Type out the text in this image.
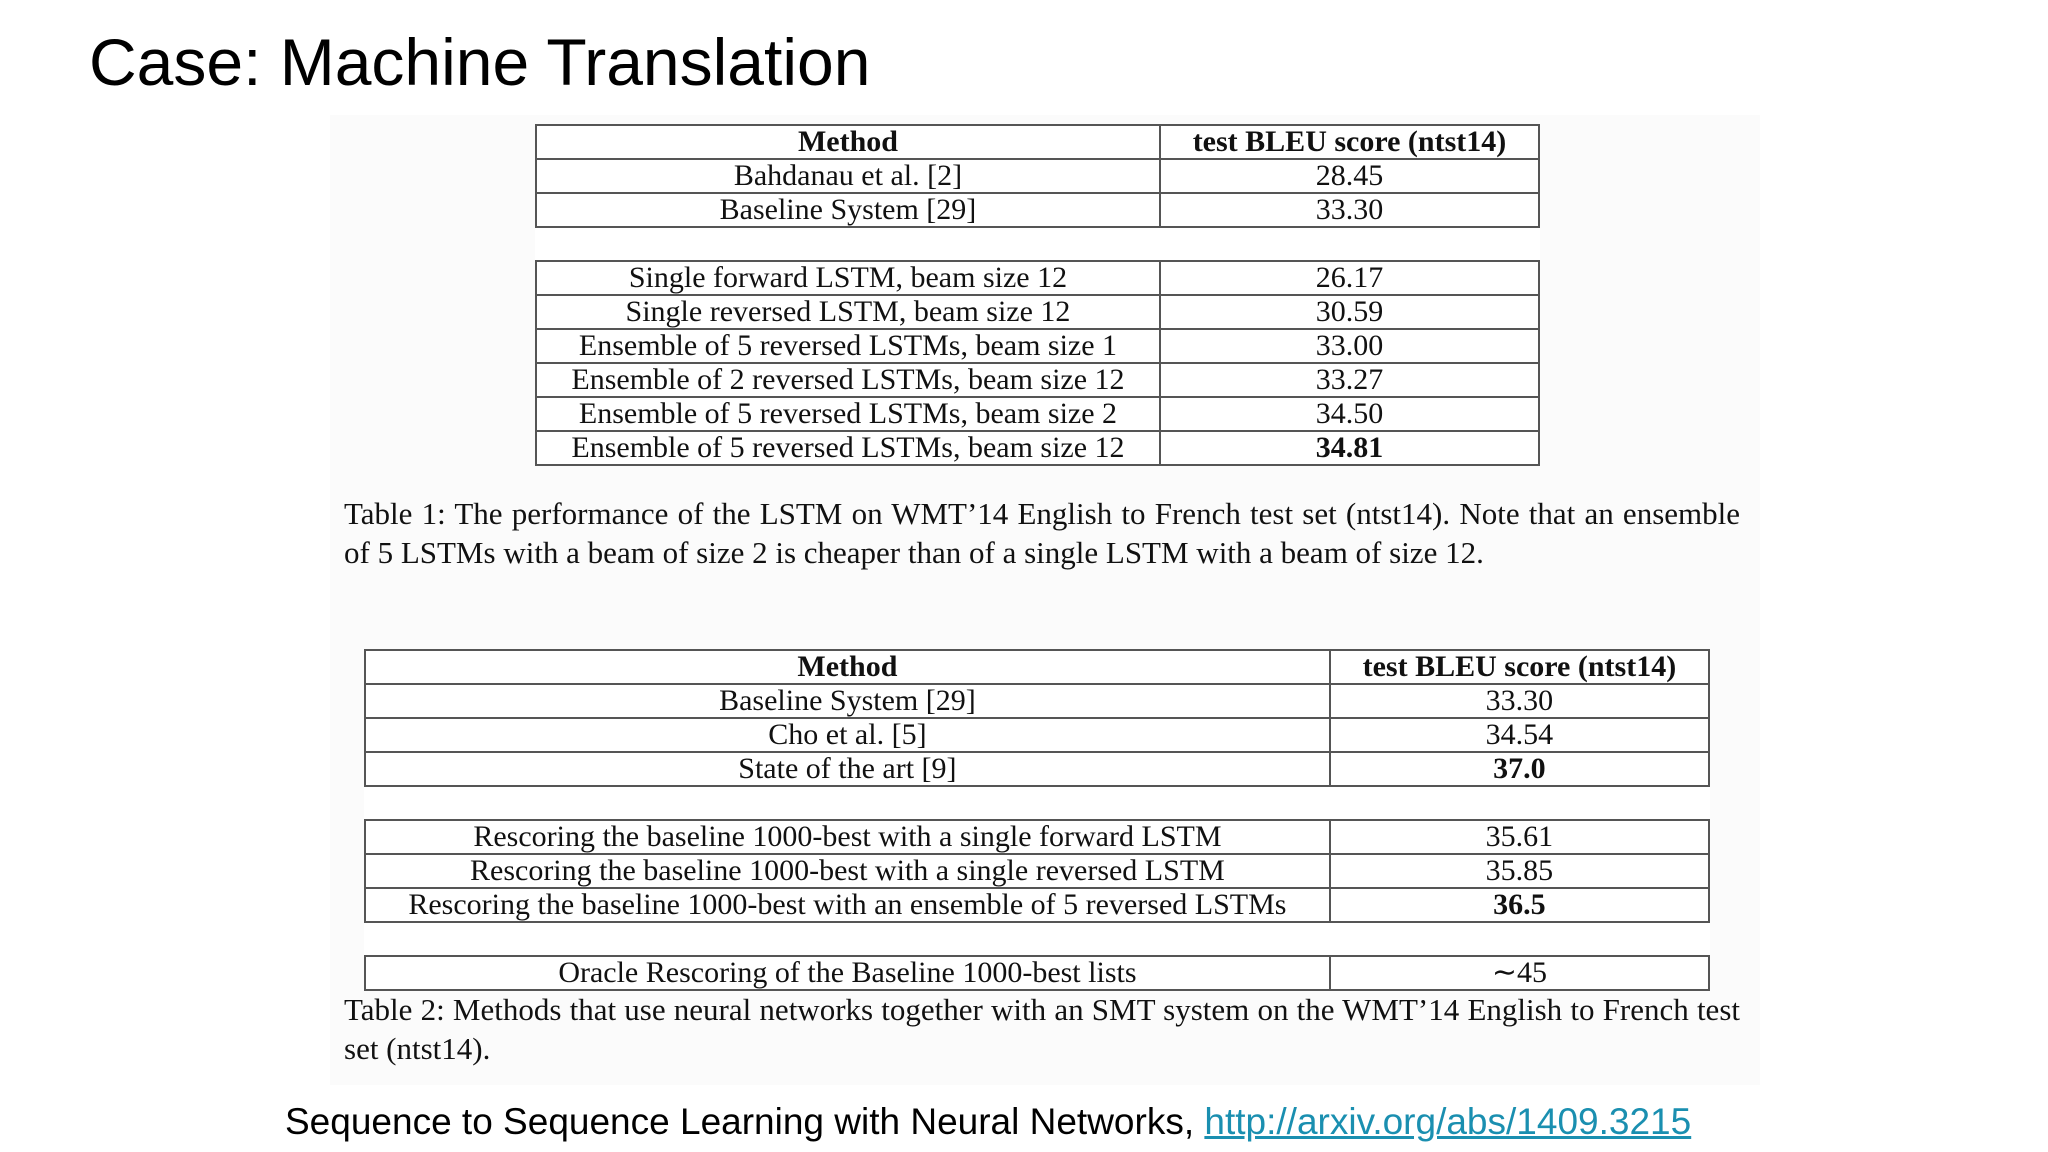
Case: Machine Translation
Method	test BLEU score (ntst14)
Bahdanau et al. [2]	28.45
Baseline System [29]	33.30

Single forward LSTM, beam size 12	26.17
Single reversed LSTM, beam size 12	30.59
Ensemble of 5 reversed LSTMs, beam size 1	33.00
Ensemble of 2 reversed LSTMs, beam size 12	33.27
Ensemble of 5 reversed LSTMs, beam size 2	34.50
Ensemble of 5 reversed LSTMs, beam size 12	34.81

Table 1: The performance of the LSTM on WMT’14 English to French test set (ntst14). Note that an ensemble of 5 LSTMs with a beam of size 2 is cheaper than of a single LSTM with a beam of size 12.

Method	test BLEU score (ntst14)
Baseline System [29]	33.30
Cho et al. [5]	34.54
State of the art [9]	37.0

Rescoring the baseline 1000-best with a single forward LSTM	35.61
Rescoring the baseline 1000-best with a single reversed LSTM	35.85
Rescoring the baseline 1000-best with an ensemble of 5 reversed LSTMs	36.5

Oracle Rescoring of the Baseline 1000-best lists	∼45

Table 2: Methods that use neural networks together with an SMT system on the WMT’14 English to French test set (ntst14).

Sequence to Sequence Learning with Neural Networks, http://arxiv.org/abs/1409.3215
